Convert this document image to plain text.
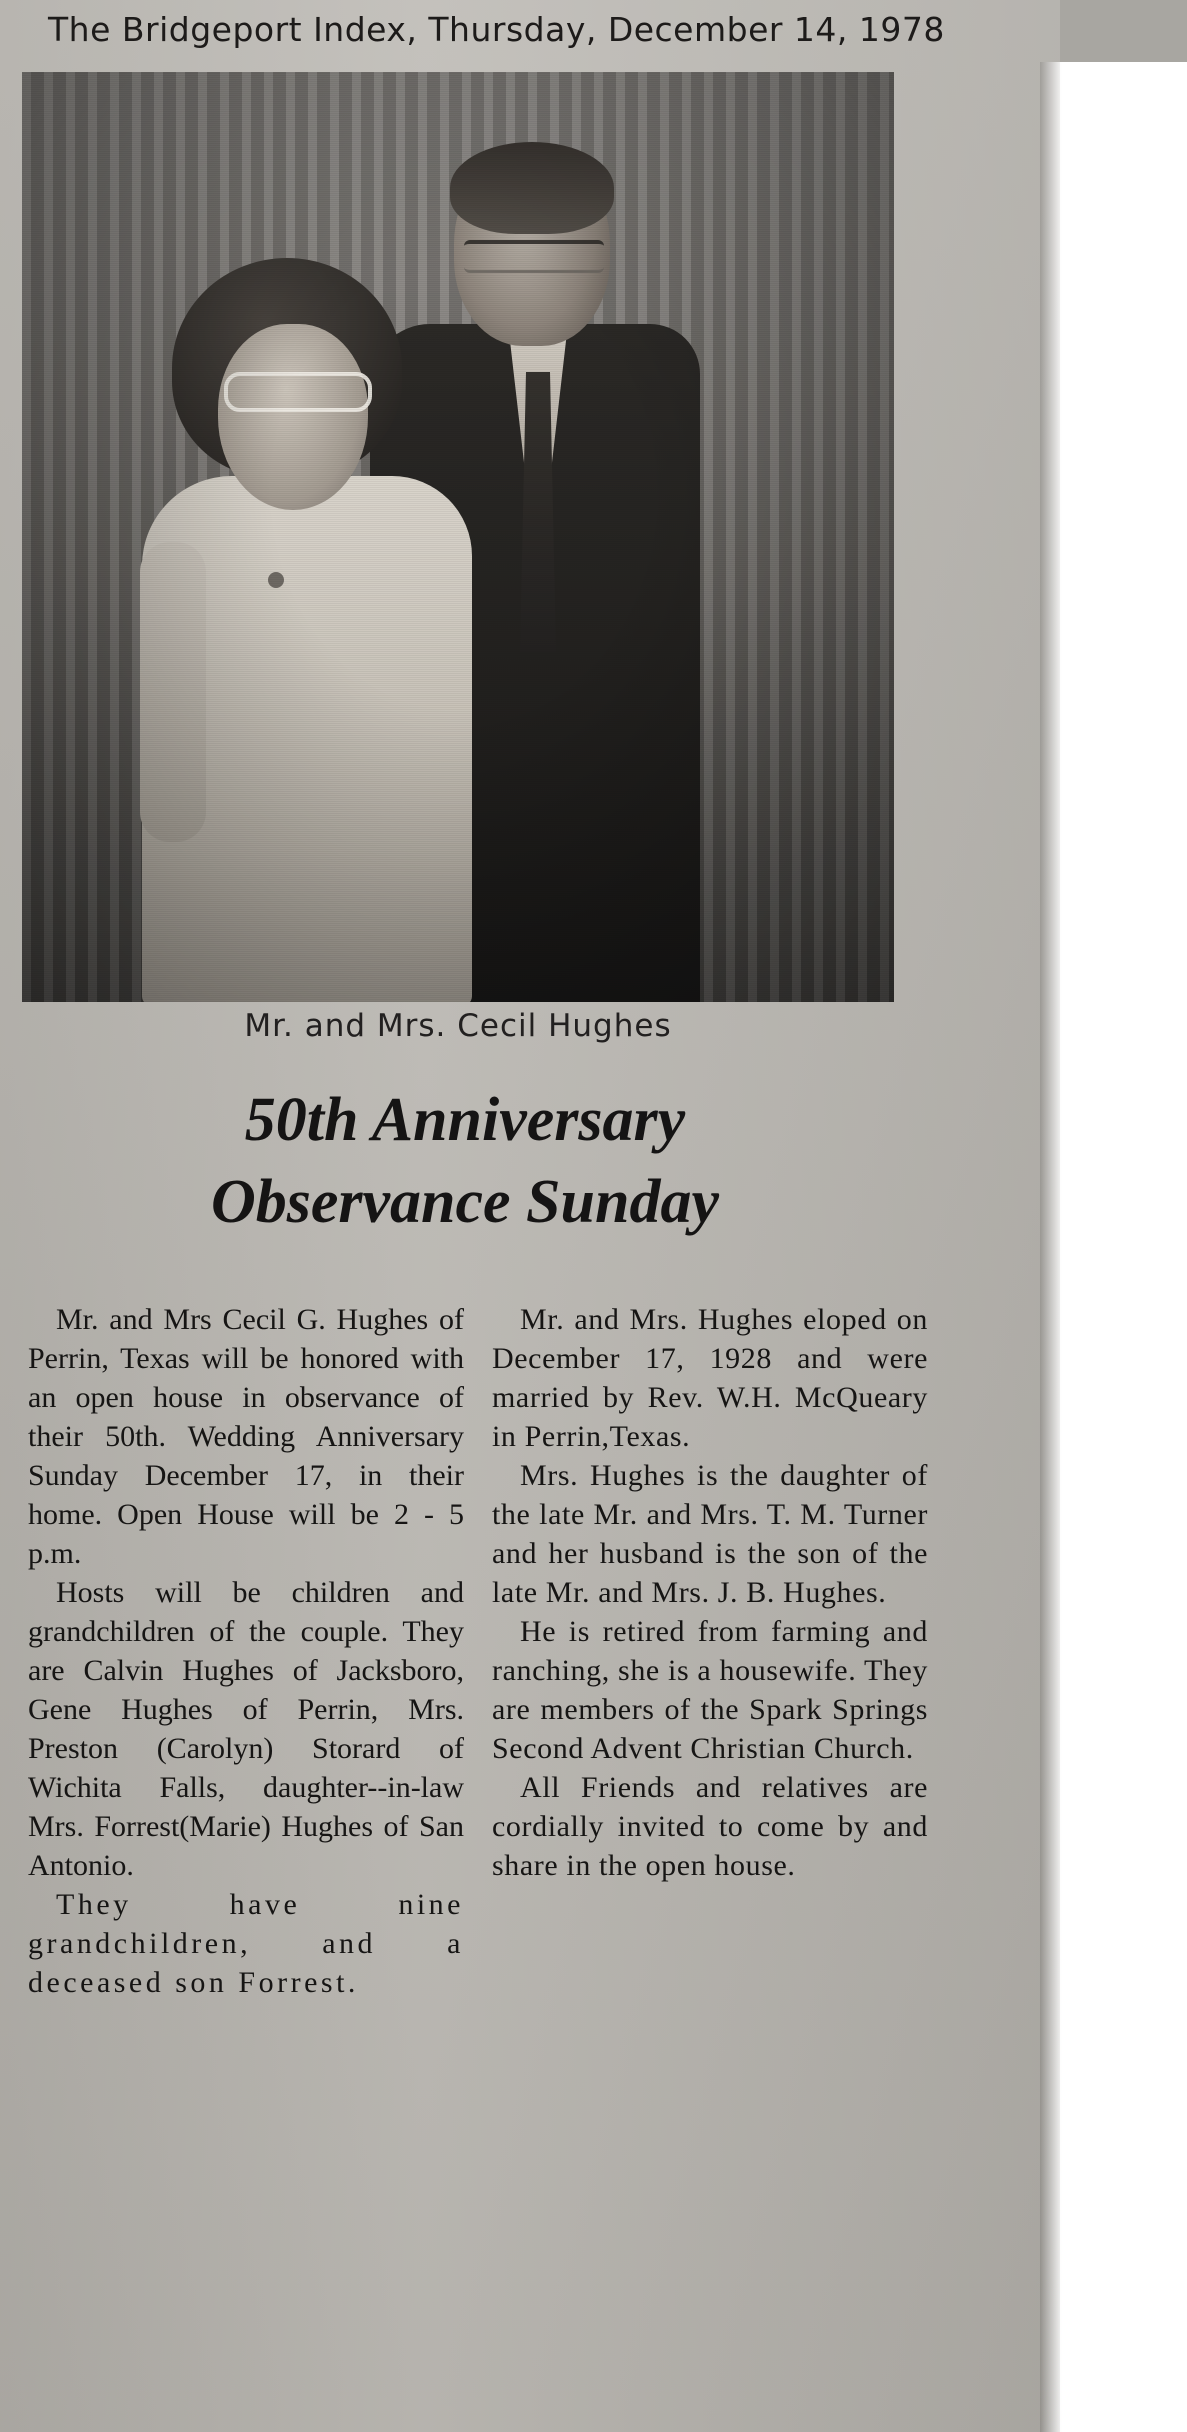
The Bridgeport Index, Thursday, December 14, 1978
Mr. and Mrs. Cecil Hughes
50th Anniversary
Observance Sunday

Mr. and Mrs Cecil G. Hughes of Perrin, Texas will be honored with an open house in observance of their 50th. Wedding Anniversary Sunday December 17, in their home. Open House will be 2 - 5 p.m.

Hosts will be children and grandchildren of the couple. They are Calvin Hughes of Jacksboro, Gene Hughes of Perrin, Mrs. Preston (Carolyn) Storard of Wichita Falls, daughter--in-law Mrs. Forrest(Marie) Hughes of San Antonio.

They have nine grandchildren, and a deceased son Forrest.

Mr. and Mrs. Hughes eloped on December 17, 1928 and were married by Rev. W.H. McQueary in Perrin,Texas.

Mrs. Hughes is the daughter of the late Mr. and Mrs. T. M. Turner and her husband is the son of the late Mr. and Mrs. J. B. Hughes.

He is retired from farming and ranching, she is a housewife. They are members of the Spark Springs Second Advent Christian Church.

All Friends and relatives are cordially invited to come by and share in the open house.
